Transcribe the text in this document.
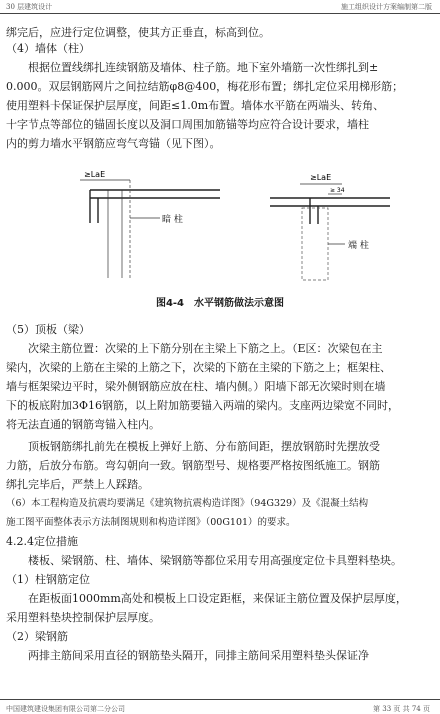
30 层建筑设计	施工组织设计方案编制第二版
绑完后，应进行定位调整，使其方正垂直，标高到位。
（4）墙体（柱）
　　根据位置线绑扎连续钢筋及墙体、柱子筋。地下室外墙筋一次性绑扎到±
0.000。双层钢筋网片之间拉结筋φ8@400，梅花形布置；绑扎定位采用梯形筋；
使用塑料卡保证保护层厚度，间距≤1.0m布置。墙体水平筋在两端头、转角、
十字节点等部位的锚固长度以及洞口周围加筋锚等均应符合设计要求，墙柱
内的剪力墙水平钢筋应弯气弯锚（见下图）。
（5）顶板（梁）
　　次梁主筋位置：次梁的上下筋分别在主梁上下筋之上。（E区：次梁包在主
梁内，次梁的上筋在主梁的上筋之下，次梁的下筋在主梁的下筋之上；框架柱、
墙与框架梁边平时，梁外侧钢筋应放在柱、墙内侧。）阳墙下部无次梁时则在墙
下的板底附加3Φ16钢筋，以上附加筋要锚入两端的梁内。支座两边梁宽不同时，
将无法直通的钢筋弯锚入柱内。
　　顶板钢筋绑扎前先在模板上弹好上筋、分布筋间距，摆放钢筋时先摆放受
力筋，后放分布筋。弯勾朝向一致。钢筋型号、规格要严格按图纸施工。钢筋
绑扎完毕后，严禁上人踩踏。
（6）本工程构造及抗震均要满足《建筑物抗震构造详图》（94G329）及《混凝土结构
施工图平面整体表示方法制图规则和构造详图》（00G101）的要求。
4.2.4定位措施
　　楼板、梁钢筋、柱、墙体、梁钢筋等都位采用专用高强度定位卡具塑料垫块。
（1）柱钢筋定位
　　在距板面1000mm高处和模板上口设定距框，来保证主筋位置及保护层厚度，
采用塑料垫块控制保护层厚度。
（2）梁钢筋
　　两排主筋间采用直径的钢筋垫头隔开，同排主筋间采用塑料垫头保证净
≥LaE
暗 柱
≥LaE
≥ 34
端 柱
图4-4　水平钢筋做法示意图
中国建筑建设集团有限公司第二分公司	第 33 页 共 74 页
